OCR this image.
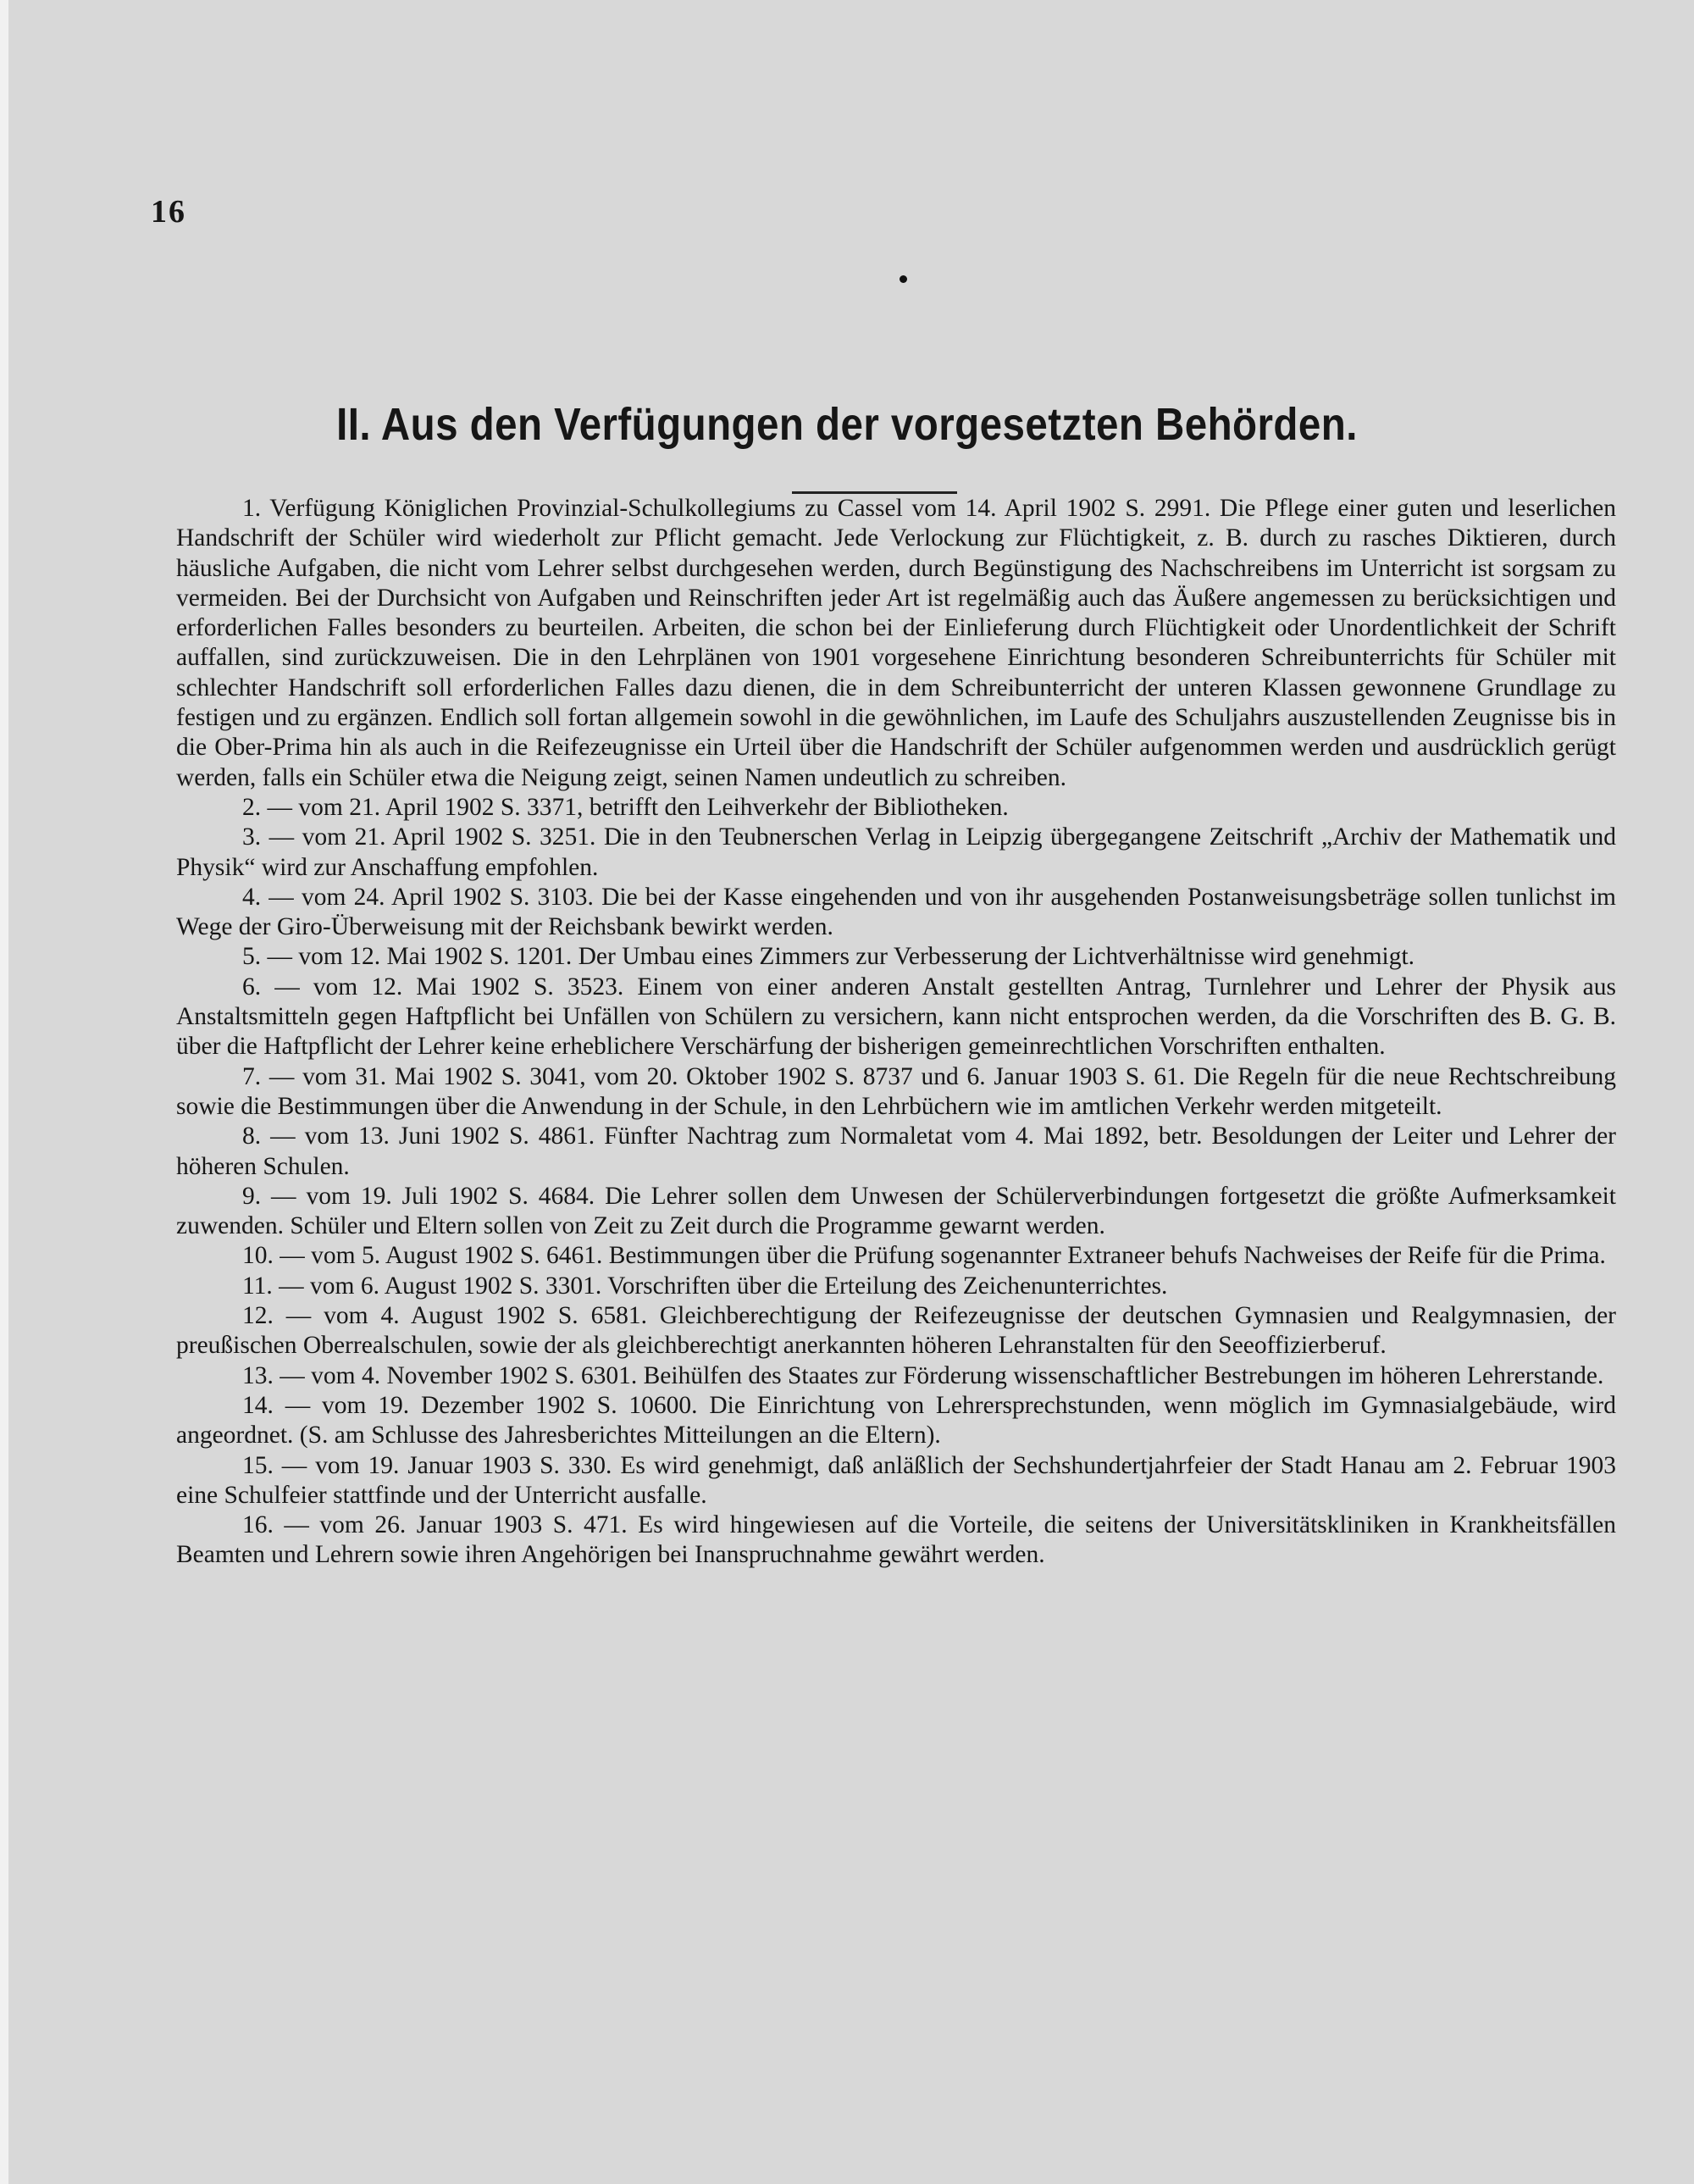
16
II. Aus den Verfügungen der vorgesetzten Behörden.

1. Verfügung Königlichen Provinzial-Schulkollegiums zu Cassel vom 14. April 1902 S. 2991. Die Pflege einer guten und leserlichen Handschrift der Schüler wird wiederholt zur Pflicht gemacht. Jede Verlockung zur Flüchtigkeit, z. B. durch zu rasches Diktieren, durch häusliche Aufgaben, die nicht vom Lehrer selbst durchgesehen werden, durch Begünstigung des Nachschreibens im Unterricht ist sorgsam zu vermeiden. Bei der Durchsicht von Aufgaben und Reinschriften jeder Art ist regelmäßig auch das Äußere angemessen zu berücksichtigen und erforderlichen Falles besonders zu beurteilen. Arbeiten, die schon bei der Einlieferung durch Flüchtigkeit oder Unordentlichkeit der Schrift auffallen, sind zurückzuweisen. Die in den Lehrplänen von 1901 vorgesehene Einrichtung besonderen Schreibunterrichts für Schüler mit schlechter Handschrift soll erforderlichen Falles dazu dienen, die in dem Schreibunterricht der unteren Klassen gewonnene Grundlage zu festigen und zu ergänzen. Endlich soll fortan allgemein sowohl in die gewöhnlichen, im Laufe des Schuljahrs auszustellenden Zeugnisse bis in die Ober-Prima hin als auch in die Reifezeugnisse ein Urteil über die Handschrift der Schüler aufgenommen werden und ausdrücklich gerügt werden, falls ein Schüler etwa die Neigung zeigt, seinen Namen undeutlich zu schreiben.

2. — vom 21. April 1902 S. 3371, betrifft den Leihverkehr der Bibliotheken.

3. — vom 21. April 1902 S. 3251. Die in den Teubnerschen Verlag in Leipzig übergegangene Zeitschrift „Archiv der Mathematik und Physik“ wird zur Anschaffung empfohlen.

4. — vom 24. April 1902 S. 3103. Die bei der Kasse eingehenden und von ihr ausgehenden Postanweisungsbeträge sollen tunlichst im Wege der Giro-Überweisung mit der Reichsbank bewirkt werden.

5. — vom 12. Mai 1902 S. 1201. Der Umbau eines Zimmers zur Verbesserung der Lichtverhältnisse wird genehmigt.

6. — vom 12. Mai 1902 S. 3523. Einem von einer anderen Anstalt gestellten Antrag, Turnlehrer und Lehrer der Physik aus Anstaltsmitteln gegen Haftpflicht bei Unfällen von Schülern zu versichern, kann nicht entsprochen werden, da die Vorschriften des B. G. B. über die Haftpflicht der Lehrer keine erheblichere Verschärfung der bisherigen gemeinrechtlichen Vorschriften enthalten.

7. — vom 31. Mai 1902 S. 3041, vom 20. Oktober 1902 S. 8737 und 6. Januar 1903 S. 61. Die Regeln für die neue Rechtschreibung sowie die Bestimmungen über die Anwendung in der Schule, in den Lehrbüchern wie im amtlichen Verkehr werden mitgeteilt.

8. — vom 13. Juni 1902 S. 4861. Fünfter Nachtrag zum Normaletat vom 4. Mai 1892, betr. Besoldungen der Leiter und Lehrer der höheren Schulen.

9. — vom 19. Juli 1902 S. 4684. Die Lehrer sollen dem Unwesen der Schülerverbindungen fortgesetzt die größte Aufmerksamkeit zuwenden. Schüler und Eltern sollen von Zeit zu Zeit durch die Programme gewarnt werden.

10. — vom 5. August 1902 S. 6461. Bestimmungen über die Prüfung sogenannter Extraneer behufs Nachweises der Reife für die Prima.

11. — vom 6. August 1902 S. 3301. Vorschriften über die Erteilung des Zeichenunterrichtes.

12. — vom 4. August 1902 S. 6581. Gleichberechtigung der Reifezeugnisse der deutschen Gymnasien und Realgymnasien, der preußischen Oberrealschulen, sowie der als gleichberechtigt anerkannten höheren Lehranstalten für den Seeoffizierberuf.

13. — vom 4. November 1902 S. 6301. Beihülfen des Staates zur Förderung wissenschaftlicher Bestrebungen im höheren Lehrerstande.

14. — vom 19. Dezember 1902 S. 10600. Die Einrichtung von Lehrersprechstunden, wenn möglich im Gymnasialgebäude, wird angeordnet. (S. am Schlusse des Jahresberichtes Mitteilungen an die Eltern).

15. — vom 19. Januar 1903 S. 330. Es wird genehmigt, daß anläßlich der Sechshundertjahrfeier der Stadt Hanau am 2. Februar 1903 eine Schulfeier stattfinde und der Unterricht ausfalle.

16. — vom 26. Januar 1903 S. 471. Es wird hingewiesen auf die Vorteile, die seitens der Universitätskliniken in Krankheitsfällen Beamten und Lehrern sowie ihren Angehörigen bei Inanspruchnahme gewährt werden.
